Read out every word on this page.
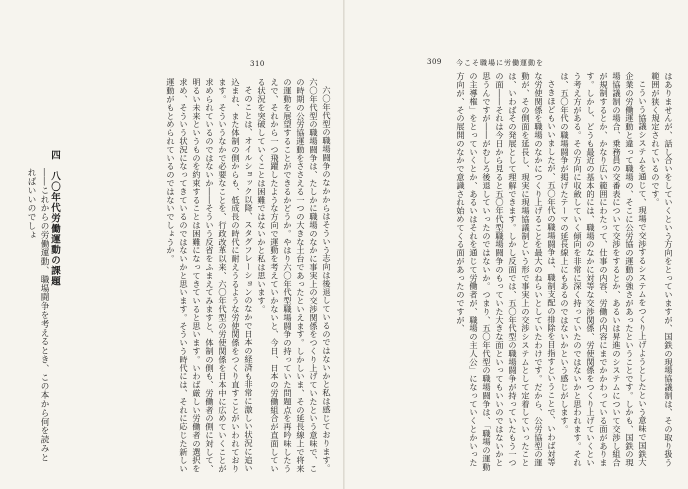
310
――これからの労働運動、職場闘争を考えるとき、この本から何を読みとればいいのでしょ	四　八〇年代労働運動の課題	六〇年代型の職場闘争のなかからはそういう志向は後退しているのではないかと私は感じております。六〇年代型の職場闘争は、たしかに職場のなかに事実上の交渉関係をつくり上げていたという意味で、この時期の公労協運動をささえる一つの大きな土台であったといえます。しかしいま、その延長線上で将来の運動を展望することができるかどうか。やはり六〇年代型職場闘争の持っていた問題点を再吟味したうえで、それから一つ飛躍したような方向で運動を考えていかないと、今日、日本の労働組合が直面している状況を突破していくことは困難ではないかと私は思います。

そのことは、オイルショック以降、スタグフレーションのなかで日本の経済も非常に激しい状況に追い込まれ、また体制の側からも、低成長の時代に耐えうるような労使関係をつくり直すことがいわれております。そういうなかで必要なことを、行政改革以来、六〇年代型の労使関係を日本中に広めていくことが求められているのではないか――そういう反省をふまえてみますと、体制の側も、労働者の側に対して、明るい未来というものを約束することは困難になってきていると思います。いわば厳しい労働者の選択を求め、そういう状況になってきているのではないかと思います。そういう時代には、それに応じた新しい運動がもとめられているのではないでしょうか。

309 今こそ職場に労働運動を

はありませんが、話し合いをしていくという方向をとっていますが、国鉄の現場協議制は、その取り扱う範囲が狭く規定されているのです。

こういう協議システムを通じて、現場で交渉するシステムをつくり上げようとしたという意味で国鉄大企業の労働運動と違って職場の、そこに公労協の運動の強さがあったということです。しかも、国鉄の現場協議制の場合、乗務員の交番表について交渉をするとか、あるいは昇進のシステムについて交渉し組合が規制するとか、かなり広い範囲にわたって、仕事の内容、労働の内容にまでかかわっている面があります。しかし、どうも最近の基本的には、職場のなかに対等な交渉関係、労使関係をつくり上げていくという考え方がある。その方向に収斂していく傾向を非常に深く持っていたのではないかと思われます。それは、五〇年代の職場闘争が掲げたテーマの延長線上にもあるのではないかという感じがします。

さきほどもいいましたが、五〇年代の職場闘争は、職制支配の排除を目指すということで、いわば対等な労使関係を職場のなかにつくり上げることを最大のねらいとしていたわけです。だから、公労協型の運動が、その側面を延長し、現実に現場協議制という形で事実上の交渉システムとして定着していったことは、いわばその発展として理解できます。しかし反面では、五〇年代型の職場闘争が持っていたもう一つの面――それは今日から見ると五〇年代型職場闘争のもっていた大きな面といってもいいのではないかと思うんですが――がむしろ後退していったのではないか。つまり、五〇年代型の職場闘争は、「職場の運動の主導権」をとっていくとか、あるいはそれを通じて労働者が、職場の主人公」になっていくとかいった方向が、その展開のなかで意識され始めてくる面があったのですが、
